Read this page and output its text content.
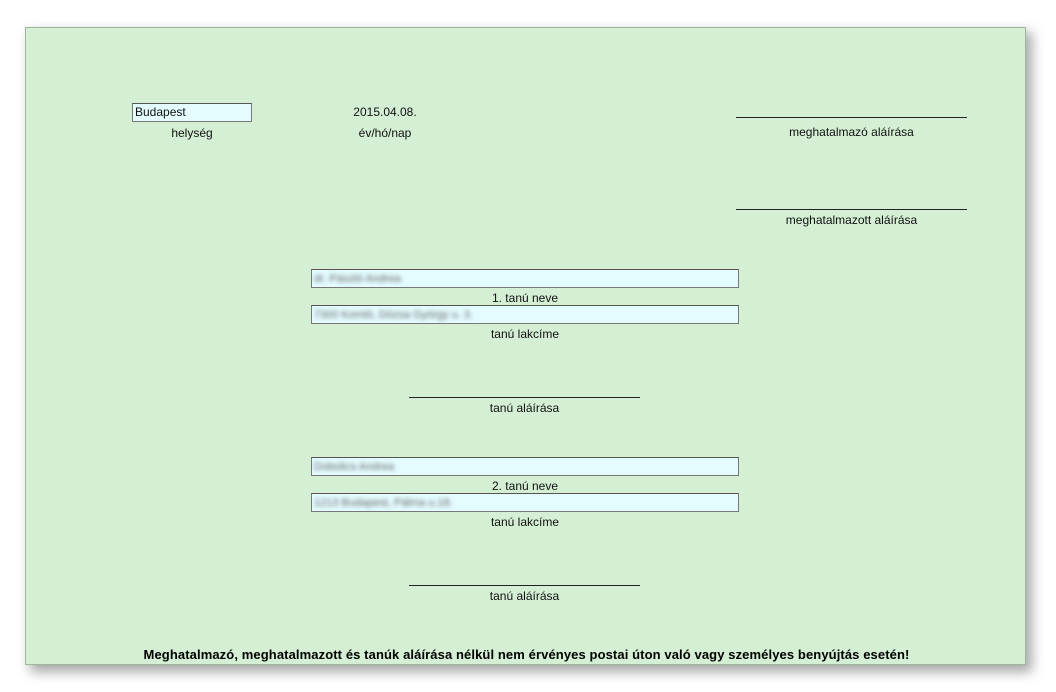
Budapest
helység
2015.04.08.
év/hó/nap	meghatalmazó aláírása
meghatalmazott aláírása
dr. Pásztó Andrea
1. tanú neve
7300 Komló, Dózsa György u. 3.
tanú lakcíme
tanú aláírása
Dobolics Andrea
2. tanú neve
1213 Budapest, Pálma u.18.
tanú lakcíme
tanú aláírása
Meghatalmazó, meghatalmazott és tanúk aláírása nélkül nem érvényes postai úton való vagy személyes benyújtás esetén!
